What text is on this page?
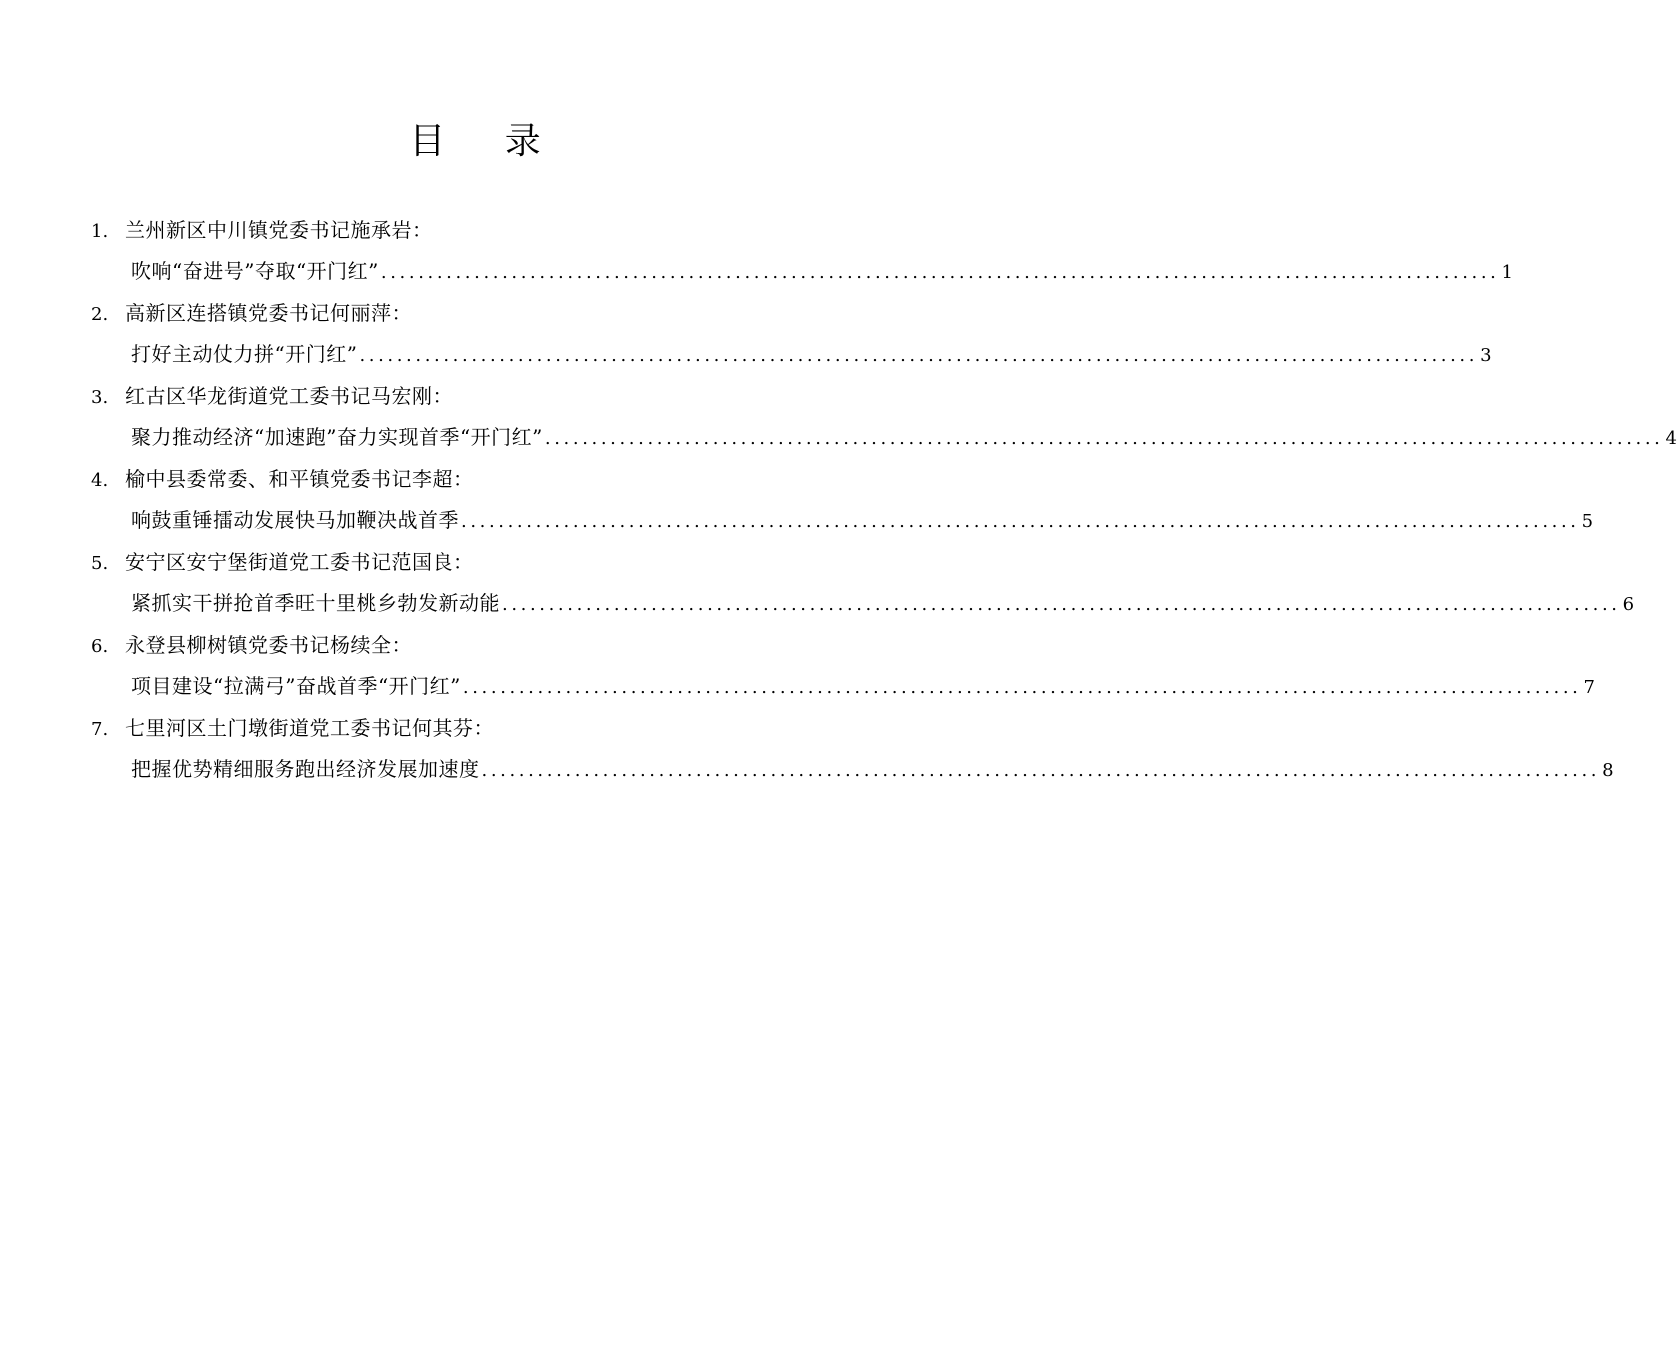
目 录
1. 兰州新区中川镇党委书记施承岩：
吹响“奋进号”夺取“开门红” ........................................................................................................................ 1
2. 高新区连搭镇党委书记何丽萍：
打好主动仗力拼“开门红” ........................................................................................................................ 3
3. 红古区华龙街道党工委书记马宏刚：
聚力推动经济“加速跑”奋力实现首季“开门红” ........................................................................................................................ 4
4. 榆中县委常委、和平镇党委书记李超：
响鼓重锤擂动发展快马加鞭决战首季 ........................................................................................................................ 5
5. 安宁区安宁堡街道党工委书记范国良：
紧抓实干拼抢首季旺十里桃乡勃发新动能 ........................................................................................................................ 6
6. 永登县柳树镇党委书记杨续全：
项目建设“拉满弓”奋战首季“开门红” ........................................................................................................................ 7
7. 七里河区土门墩街道党工委书记何其芬：
把握优势精细服务跑出经济发展加速度 ........................................................................................................................ 8
